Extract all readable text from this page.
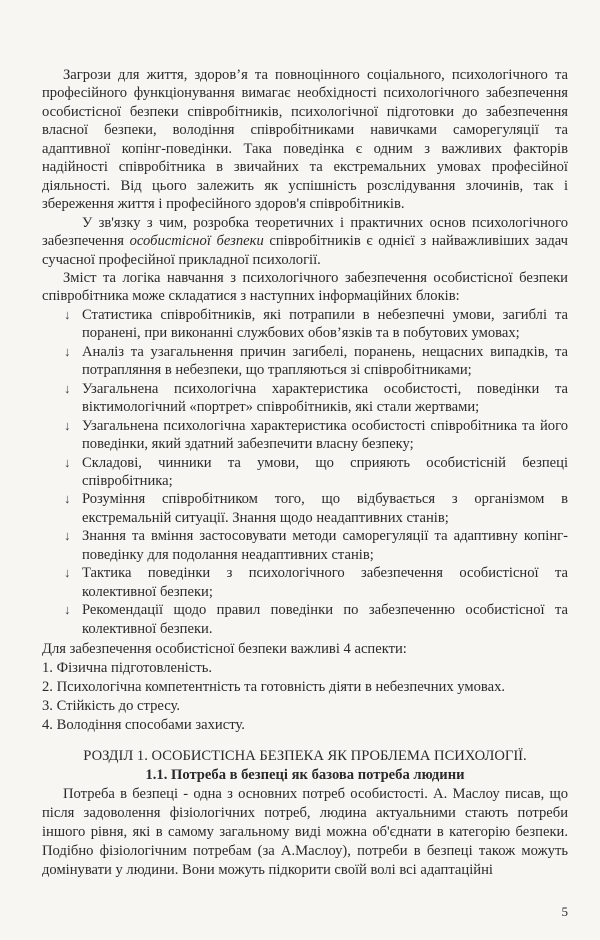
Загрози для життя, здоров’я та повноцінного соціального, психологічного та
професійного функціонування вимагає необхідності психологічного забезпечення
особистісної безпеки співробітників, психологічної підготовки до забезпечення
власної безпеки, володіння співробітниками навичками саморегуляції та
адаптивної копінг-поведінки. Така поведінка є одним з важливих факторів
надійності співробітника в звичайних та екстремальних умовах професійної
діяльності. Від цього залежить як успішність розслідування злочинів, так і
збереження життя і професійного здоров'я співробітників.
У зв'язку з чим, розробка теоретичних і практичних основ психологічного
забезпечення особистісної безпеки співробітників є однієї з найважливіших задач
сучасної професійної прикладної психології.
Зміст та логіка навчання з психологічного забезпечення особистісної безпеки
співробітника може складатися з наступних інформаційних блоків:
Статистика співробітників, які потрапили в небезпечні умови, загиблі та
↓
поранені, при виконанні службових обов’язків та в побутових умовах;
Аналіз та узагальнення причин загибелі, поранень, нещасних випадків, та
↓
потрапляння в небезпеки, що трапляються зі співробітниками;
Узагальнена психологічна характеристика особистості, поведінки та
↓
віктимологічний «портрет» співробітників, які стали жертвами;
Узагальнена психологічна характеристика особистості співробітника та його
↓
поведінки, який здатний забезпечити власну безпеку;
Складові, чинники та умови, що сприяють особистісній безпеці
↓
співробітника;
Розуміння співробітником того, що відбувається з організмом в
↓
екстремальній ситуації. Знання щодо неадаптивних станів;
Знання та вміння застосовувати методи саморегуляції та адаптивну копінг-
↓
поведінку для подолання неадаптивних станів;
Тактика поведінки з психологічного забезпечення особистісної та
↓
колективної безпеки;
Рекомендації щодо правил поведінки по забезпеченню особистісної та
↓
колективної безпеки.
Для забезпечення особистісної безпеки важливі 4 аспекти:
1. Фізична підготовленість.
2. Психологічна компетентність та готовність діяти в небезпечних умовах.
3. Стійкість до стресу.
4. Володіння способами захисту.
РОЗДІЛ 1. ОСОБИСТІСНА БЕЗПЕКА ЯК ПРОБЛЕМА ПСИХОЛОГІЇ.
1.1. Потреба в безпеці як базова потреба людини
Потреба в безпеці - одна з основних потреб особистості. А. Маслоу писав, що
після задоволення фізіологічних потреб, людина актуальними стають потреби
іншого рівня, які в самому загальному виді можна об'єднати в категорію безпеки.
Подібно фізіологічним потребам (за А.Маслоу), потреби в безпеці також можуть
домінувати у людини. Вони можуть підкорити своїй волі всі адаптаційні
5
